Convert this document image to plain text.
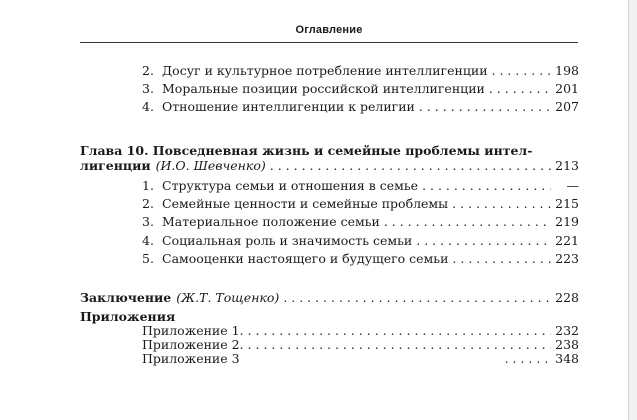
Оглавление
2. Досуг и культурное потребление интеллигенции . . .	198
3. Моральные позиции российской интеллигенции . . .	201
4. Отношение интеллигенции к религии . . .	207
Глава 10. Повседневная жизнь и семейные проблемы интел-
лигенции (И.О. Шевченко) . . .	213
1. Структура семьи и отношения в семье . . .	—
2. Семейные ценности и семейные проблемы . . .	215
3. Материальное положение семьи . . .	219
4. Социальная роль и значимость семьи . . .	221
5. Самооценки настоящего и будущего семьи . . .	223
Заключение (Ж.Т. Тощенко) . . .	228
Приложения
Приложение 1. . . .	232
Приложение 2. . . .	238
Приложение 3 . . .	348
